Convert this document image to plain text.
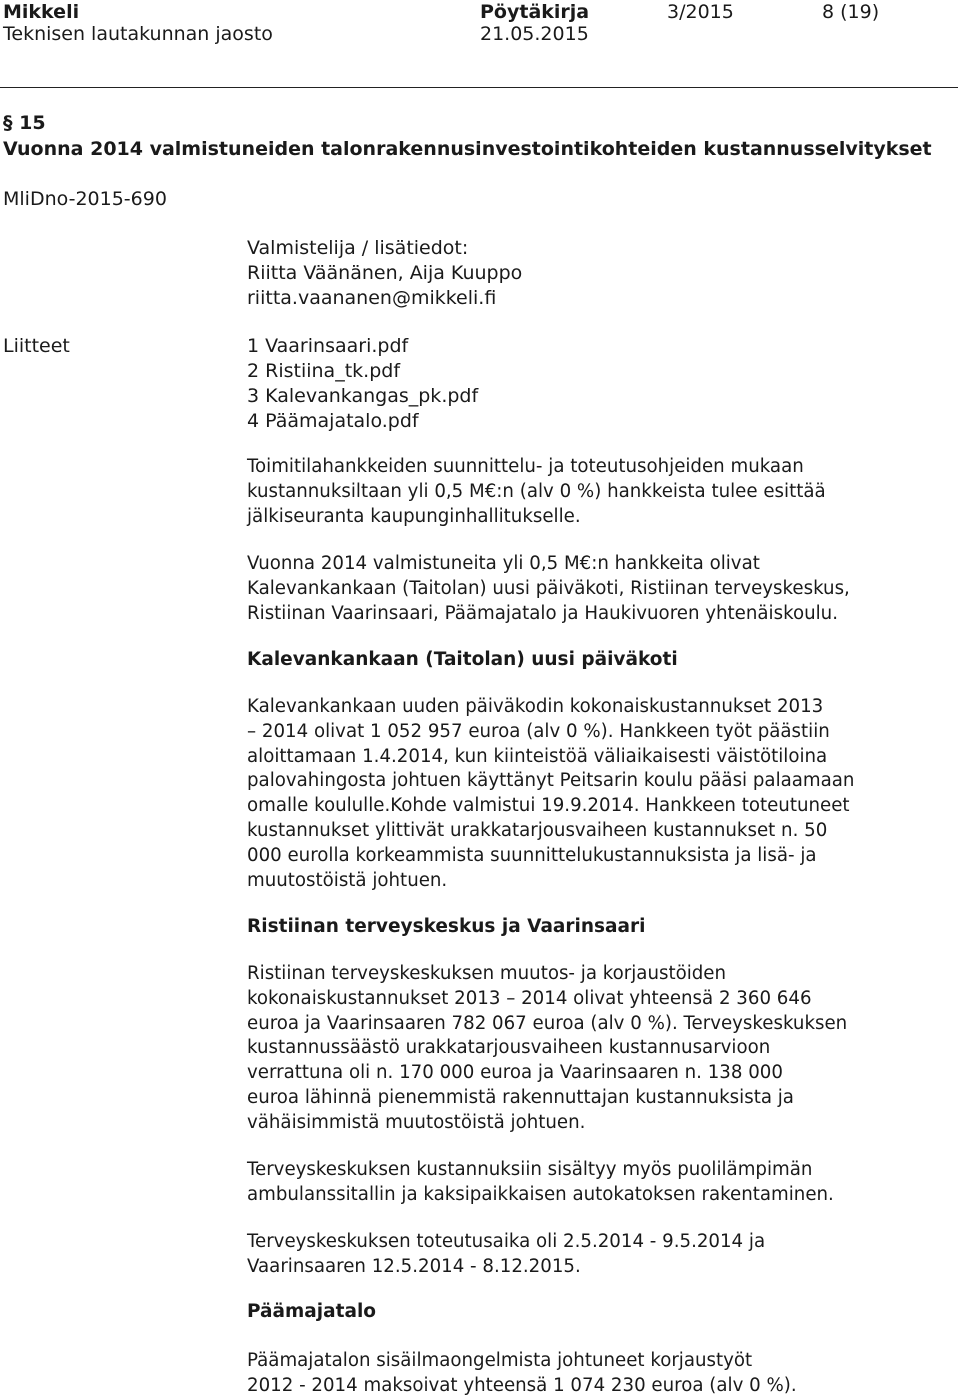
Mikkeli
Teknisen lautakunnan jaosto
Pöytäkirja
21.05.2015
3/2015	8 (19)
§ 15
Vuonna 2014 valmistuneiden talonrakennusinvestointikohteiden kustannusselvitykset
MliDno-2015-690
Valmistelija / lisätiedot:
Riitta Väänänen, Aija Kuuppo
riitta.vaananen@mikkeli.fi
Liitteet	1 Vaarinsaari.pdf
2 Ristiina_tk.pdf
3 Kalevankangas_pk.pdf
4 Päämajatalo.pdf
Toimitilahankkeiden suunnittelu- ja toteutusohjeiden mukaan
kustannuksiltaan yli 0,5 M€:n (alv 0 %) hankkeista tulee esittää
jälkiseuranta kaupunginhallitukselle.
Vuonna 2014 valmistuneita yli 0,5 M€:n hankkeita olivat
Kalevankankaan (Taitolan) uusi päiväkoti, Ristiinan terveyskeskus,
Ristiinan Vaarinsaari, Päämajatalo ja Haukivuoren yhtenäiskoulu.
Kalevankankaan (Taitolan) uusi päiväkoti
Kalevankankaan uuden päiväkodin kokonaiskustannukset 2013
– 2014 olivat 1 052 957 euroa (alv 0 %). Hankkeen työt päästiin
aloittamaan 1.4.2014, kun kiinteistöä väliaikaisesti väistötiloina
palovahingosta johtuen käyttänyt Peitsarin koulu pääsi palaamaan
omalle koululle.Kohde valmistui 19.9.2014. Hankkeen toteutuneet
kustannukset ylittivät urakkatarjousvaiheen kustannukset n. 50
000 eurolla korkeammista suunnittelukustannuksista ja lisä- ja
muutostöistä johtuen.
Ristiinan terveyskeskus ja Vaarinsaari
Ristiinan terveyskeskuksen muutos- ja korjaustöiden
kokonaiskustannukset 2013 – 2014 olivat yhteensä 2 360 646
euroa ja Vaarinsaaren 782 067 euroa (alv 0 %). Terveyskeskuksen
kustannussäästö urakkatarjousvaiheen kustannusarvioon
verrattuna oli n. 170 000 euroa ja Vaarinsaaren n. 138 000
euroa lähinnä pienemmistä rakennuttajan kustannuksista ja
vähäisimmistä muutostöistä johtuen.
Terveyskeskuksen kustannuksiin sisältyy myös puolilämpimän
ambulanssitallin ja kaksipaikkaisen autokatoksen rakentaminen.
Terveyskeskuksen toteutusaika oli 2.5.2014 - 9.5.2014 ja
Vaarinsaaren 12.5.2014 - 8.12.2015.
Päämajatalo
Päämajatalon sisäilmaongelmista johtuneet korjaustyöt
2012 - 2014 maksoivat yhteensä 1 074 230 euroa (alv 0 %).
